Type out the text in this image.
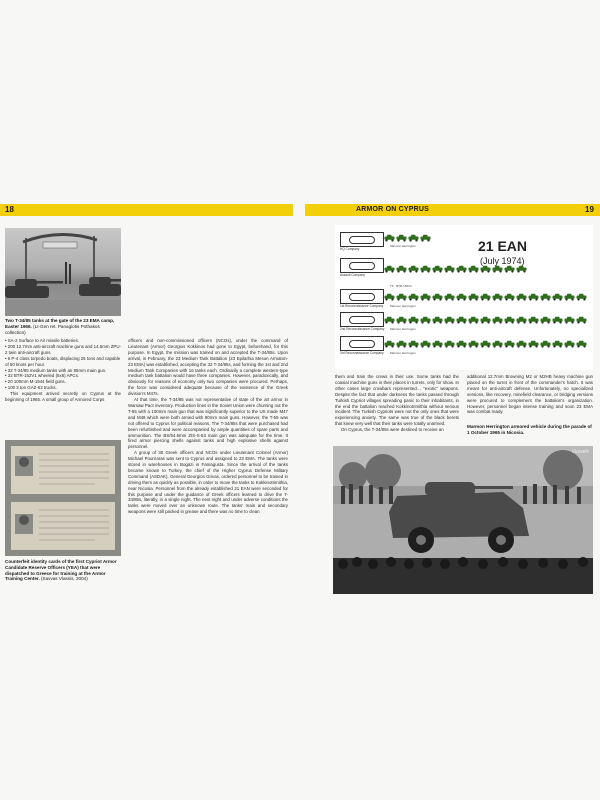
18	ARMOR ON CYPRUS	19
Two T-34/85 tanks at the gate of the 23 EMA camp, Easter 1966. (Lt-Gen ret. Panagiotis Pothakos collection)
• SA-2 Surface to Air missile batteries.
• 200 12.7mm anti-aircraft machine guns and 14.5mm ZPU-2 twin anti-aircraft guns.
• 6 P-4 class torpedo boats, displacing 25 tons and capable of 50 knots per hour.
• 32 T-34/85 medium tanks with an 85mm main gun.
• 32 BTR-152V1 wheeled (6x6) APCs.
• 20 100mm M-1944 field guns.
• 100 3 ton GAZ-63 trucks.

This equipment arrived secretly on Cyprus at the beginning of 1965. A small group of Armored Corps

Counterfeit identity cards of the first Cypriot Armor Candidate Reserve Officers (YEA) that were dispatched to Greece for training at the Armor Training Center. (Savvas Vlassis, 2004)

officers and non-commissioned officers (NCOs), under the command of Lieutenant (Armor) Georgios Kokkinos had gone to Egypt, beforehand, for this purpose. In Egypt, the mission was trained on and accepted the T-34/85s. Upon arrival, in February, the 23 Medium Tank Battalion (23 Epilarhia Meson Armaton-23 EMA) was established, accepting the 32 T-34/85s, and forming the 1st and 2nd Medium Tank Companies with 16 tanks each. Ordinarily a complete western-type medium tank battalion would have three companies. However, paradoxically, and obviously for reasons of economy only two companies were procured. Perhaps, the force was considered adequate because of the existence of the Greek division's M47s.

At that time, the T-34/85 was not representative of state of the art armor in Warsaw Pact inventory. Production lines in the Soviet Union were churning out the T-55 with a 100mm main gun that was significantly superior to the US made M47 and M48 which were both armed with 90mm main guns. However, the T-55 was not offered to Cyprus for political reasons. The T-34/85s that were purchased had been refurbished and were accompanied by ample quantities of spare parts and ammunition. The BS/54.6mm ZIS-S-53 main gun was adequate for the time. It fired armor piercing shells against tanks and high explosive shells against personnel.

A group of 30 Greek officers and NCOs under Lieutenant Colonel (Armor) Michael Pournaras was sent to Cyprus and assigned to 23 EMA. The tanks were stored in warehouses in Bogazi in Famagusta. Since the arrival of the tanks became known to Turkey, the chief of the Higher Cyprus Defense Military Command (ASDAK), General Georgios Grivas, ordered personnel to be trained in driving them as quickly as possible, in order to move the tanks to Kokkinotrimithia, near Nicosia. Personnel from the already established 21 EAN were seconded for this purpose and under the guidance of Greek officers learned to drive the T-34/85s, literally, in a single night. The next night and under adverse conditions the tanks were moved over an unknown route. The tanks' main and secondary weapons were still packed in grease and there was no time to clean

21 EAN
(July 1974)
HQ Company
Marmon Herrington
Assault Company
T6 · BTR-152V1
1st Reconnaissance Company Marmon Herrington
2nd Reconnaissance Company Marmon Herrington
3rd Reconnaissance Company Marmon Herrington

them and train the crews in their use. Some tanks had the coaxial machine guns in their places in turrets, only for show. In other cases large crowbars represented… "exotic" weapons. Despite the fact that under darkness the tanks passed through Turkish Cypriot villages spreading panic to their inhabitants, in the end the battalion reached Kokkinotrimithia without serious incident. The Turkish Cypriots were not the only ones that were experiencing anxiety. The same was true of the black berets that knew very well that their tanks were totally unarmed.

On Cyprus, the T-34/85s were destined to receive an

additional 12.7mm Browning M2 or M2HB heavy machine gun placed on the turret in front of the commander's hatch. It was meant for anti-aircraft defense. Unfortunately, no specialized versions, like recovery, minefield clearance, or bridging versions were procured to complement the battalion's organization. However, personnel began intense training and soon 23 EMA was combat ready.

Marmon Herrington armored vehicle during the parade of 1 October 1965 in Nicosia.
Vessels
